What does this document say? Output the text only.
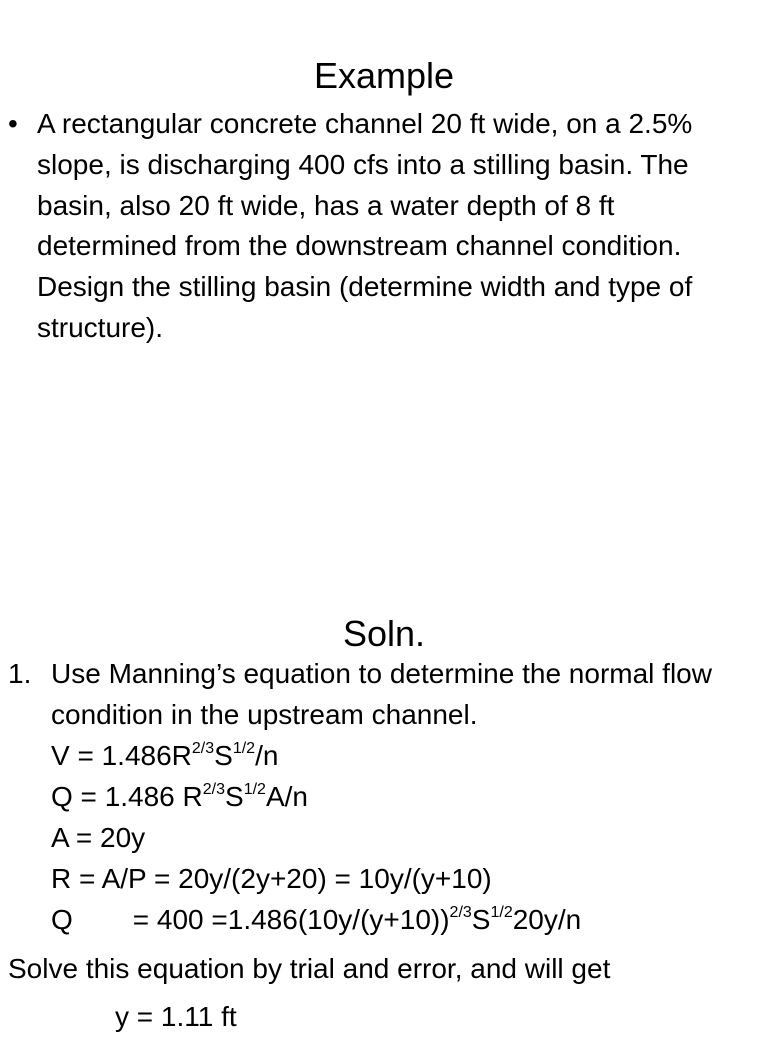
Example
• A rectangular concrete channel 20 ft wide, on a 2.5% slope, is discharging 400 cfs into a stilling basin. The basin, also 20 ft wide, has a water depth of 8 ft determined from the downstream channel condition. Design the stilling basin (determine width and type of structure).
Soln.
1. Use Manning’s equation to determine the normal flow condition in the upstream channel.
$V = 1.486R^{2/3}S^{1/2}/n$
Q = 1.486 $R^{2/3}S^{1/2}A/n$
A = 20y
R = A/P = 20y/(2y+20) = 10y/(y+10)
$Q = 400 =1.486(10y/(y+10))^{2/3}S^{1/2}20y/n$
Solve this equation by trial and error, and will get
y = 1.11 ft
